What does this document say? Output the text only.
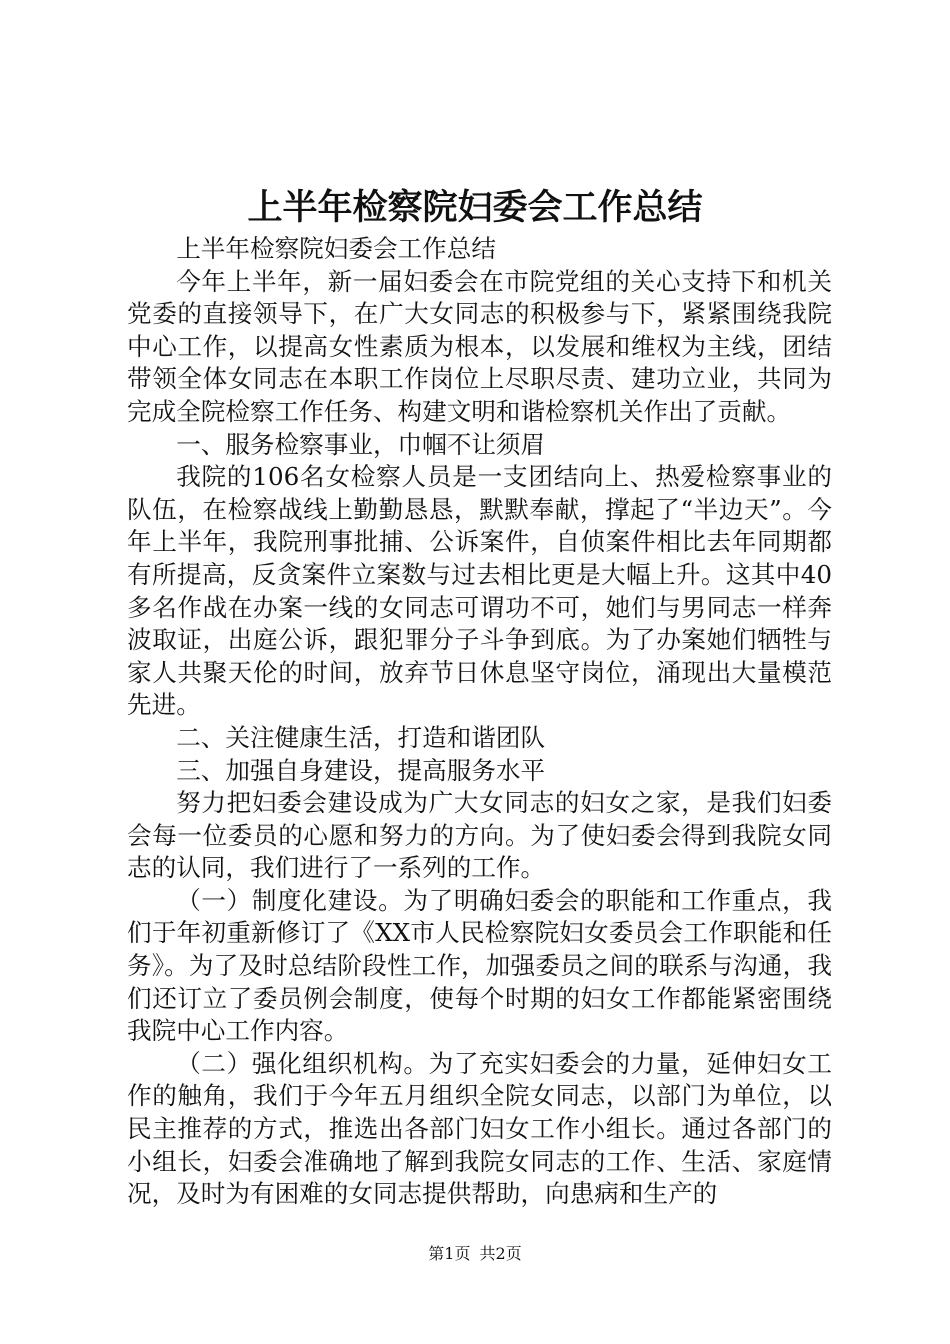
上半年检察院妇委会工作总结

上半年检察院妇委会工作总结

今年上半年，新一届妇委会在市院党组的关心支持下和机关党委的直接领导下，在广大女同志的积极参与下，紧紧围绕我院中心工作，以提高女性素质为根本，以发展和维权为主线，团结带领全体女同志在本职工作岗位上尽职尽责、建功立业，共同为完成全院检察工作任务、构建文明和谐检察机关作出了贡献。

一、服务检察事业，巾帼不让须眉

我院的106名女检察人员是一支团结向上、热爱检察事业的队伍，在检察战线上勤勤恳恳，默默奉献，撑起了“半边天”。今年上半年，我院刑事批捕、公诉案件，自侦案件相比去年同期都有所提高，反贪案件立案数与过去相比更是大幅上升。这其中40多名作战在办案一线的女同志可谓功不可，她们与男同志一样奔波取证，出庭公诉，跟犯罪分子斗争到底。为了办案她们牺牲与家人共聚天伦的时间，放弃节日休息坚守岗位，涌现出大量模范先进。

二、关注健康生活，打造和谐团队

三、加强自身建设，提高服务水平

努力把妇委会建设成为广大女同志的妇女之家，是我们妇委会每一位委员的心愿和努力的方向。为了使妇委会得到我院女同志的认同，我们进行了一系列的工作。

（一）制度化建设。为了明确妇委会的职能和工作重点，我们于年初重新修订了《XX市人民检察院妇女委员会工作职能和任务》。为了及时总结阶段性工作，加强委员之间的联系与沟通，我们还订立了委员例会制度，使每个时期的妇女工作都能紧密围绕我院中心工作内容。

（二）强化组织机构。为了充实妇委会的力量，延伸妇女工作的触角，我们于今年五月组织全院女同志，以部门为单位，以民主推荐的方式，推选出各部门妇女工作小组长。通过各部门的小组长，妇委会准确地了解到我院女同志的工作、生活、家庭情况，及时为有困难的女同志提供帮助，向患病和生产的

第1页 共2页
